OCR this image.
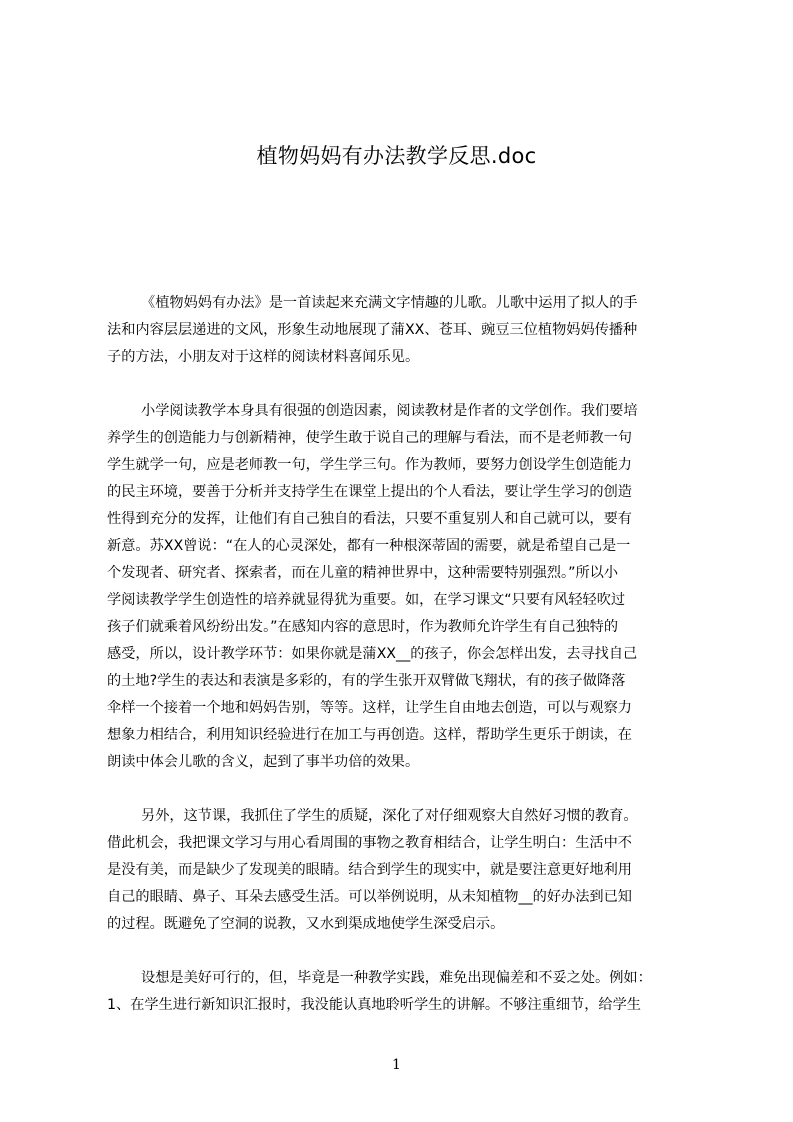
植物妈妈有办法教学反思.doc

《植物妈妈有办法》是一首读起来充满文字情趣的儿歌。儿歌中运用了拟人的手
法和内容层层递进的文风，形象生动地展现了蒲XX、苍耳、豌豆三位植物妈妈传播种
子的方法，小朋友对于这样的阅读材料喜闻乐见。

小学阅读教学本身具有很强的创造因素，阅读教材是作者的文学创作。我们要培
养学生的创造能力与创新精神，使学生敢于说自己的理解与看法，而不是老师教一句
学生就学一句，应是老师教一句，学生学三句。作为教师，要努力创设学生创造能力
的民主环境，要善于分析并支持学生在课堂上提出的个人看法，要让学生学习的创造
性得到充分的发挥，让他们有自己独自的看法，只要不重复别人和自己就可以，要有
新意。苏XX曾说：“在人的心灵深处，都有一种根深蒂固的需要，就是希望自己是一
个发现者、研究者、探索者，而在儿童的精神世界中，这种需要特别强烈。”所以小
学阅读教学学生创造性的培养就显得犹为重要。如，在学习课文“只要有风轻轻吹过
孩子们就乘着风纷纷出发。”在感知内容的意思时，作为教师允许学生有自己独特的
感受，所以，设计教学环节：如果你就是蒲XX__的孩子，你会怎样出发，去寻找自己
的土地?学生的表达和表演是多彩的，有的学生张开双臂做飞翔状，有的孩子做降落
伞样一个接着一个地和妈妈告别，等等。这样，让学生自由地去创造，可以与观察力
想象力相结合，利用知识经验进行在加工与再创造。这样，帮助学生更乐于朗读，在
朗读中体会儿歌的含义，起到了事半功倍的效果。

另外，这节课，我抓住了学生的质疑，深化了对仔细观察大自然好习惯的教育。
借此机会，我把课文学习与用心看周围的事物之教育相结合，让学生明白：生活中不
是没有美，而是缺少了发现美的眼睛。结合到学生的现实中，就是要注意更好地利用
自己的眼睛、鼻子、耳朵去感受生活。可以举例说明，从未知植物__的好办法到已知
的过程。既避免了空洞的说教，又水到渠成地使学生深受启示。

设想是美好可行的，但，毕竟是一种教学实践，难免出现偏差和不妥之处。例如：
1、在学生进行新知识汇报时，我没能认真地聆听学生的讲解。不够注重细节，给学生

1
